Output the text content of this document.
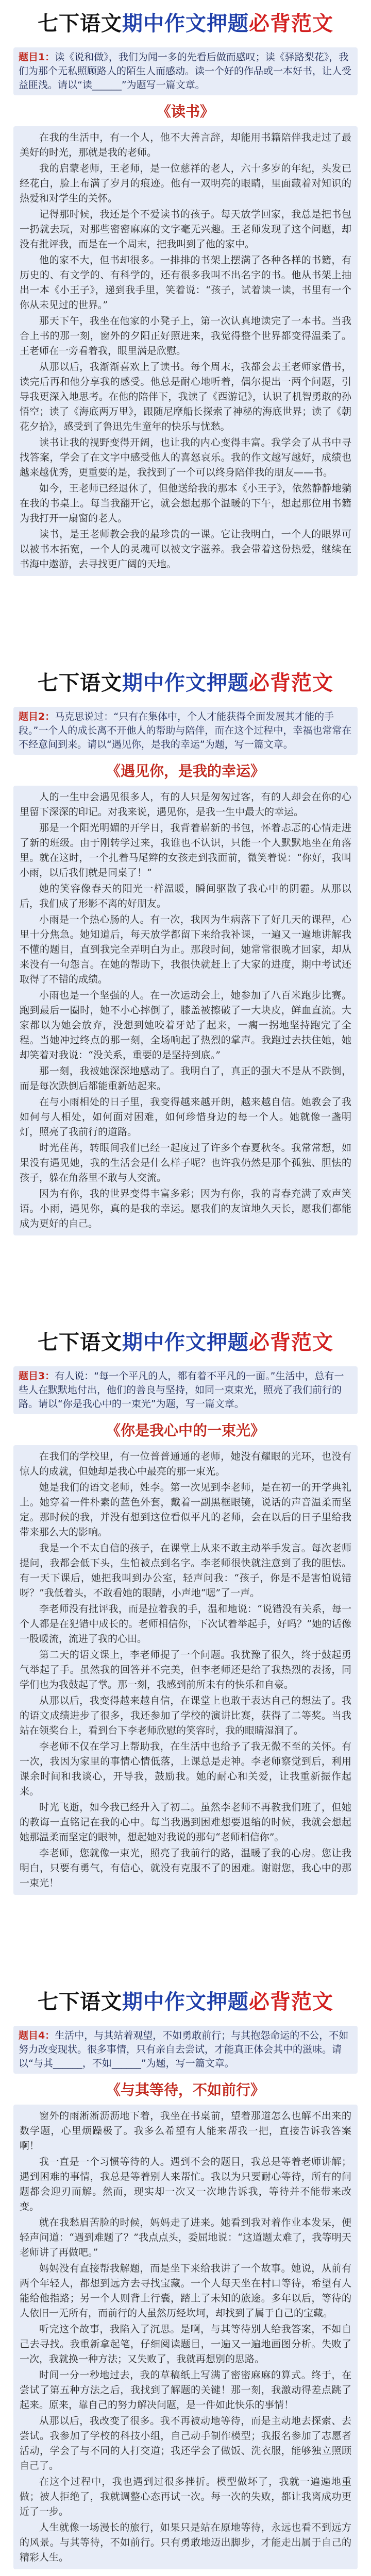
七下语文期中作文押题必背范文
题目1：读《说和做》，我们为闻一多的先看后做而感叹；读《驿路梨花》，我们为那个无私照顾路人的陌生人而感动。读一个好的作品或一本好书，让人受益匪浅。请以“读______”为题写一篇文章。
《读书》

在我的生活中，有一个人，他不大善言辞，却能用书籍陪伴我走过了最美好的时光，那就是我的老师。

我的启蒙老师，王老师，是一位慈祥的老人，六十多岁的年纪，头发已经花白，脸上布满了岁月的痕迹。他有一双明亮的眼睛，里面藏着对知识的热爱和对学生的关怀。

记得那时候，我还是个不爱读书的孩子。每天放学回家，我总是把书包一扔就去玩，对那些密密麻麻的文字毫无兴趣。王老师发现了这个问题，却没有批评我，而是在一个周末，把我叫到了他的家中。

他的家不大，但书却很多。一排排的书架上摆满了各种各样的书籍，有历史的、有文学的、有科学的，还有很多我叫不出名字的书。他从书架上抽出一本《小王子》，递到我手里，笑着说：“孩子，试着读一读，书里有一个你从未见过的世界。”

那天下午，我坐在他家的小凳子上，第一次认真地读完了一本书。当我合上书的那一刻，窗外的夕阳正好照进来，我觉得整个世界都变得温柔了。王老师在一旁看着我，眼里满是欣慰。

从那以后，我渐渐喜欢上了读书。每个周末，我都会去王老师家借书，读完后再和他分享我的感受。他总是耐心地听着，偶尔提出一两个问题，引导我更深入地思考。在他的陪伴下，我读了《西游记》，认识了机智勇敢的孙悟空；读了《海底两万里》，跟随尼摩船长探索了神秘的海底世界；读了《朝花夕拾》，感受到了鲁迅先生童年的快乐与忧愁。

读书让我的视野变得开阔，也让我的内心变得丰富。我学会了从书中寻找答案，学会了在文字中感受他人的喜怒哀乐。我的作文越写越好，成绩也越来越优秀，更重要的是，我找到了一个可以终身陪伴我的朋友——书。

如今，王老师已经退休了，但他送给我的那本《小王子》，依然静静地躺在我的书桌上。每当我翻开它，就会想起那个温暖的下午，想起那位用书籍为我打开一扇窗的老人。

读书，是王老师教会我的最珍贵的一课。它让我明白，一个人的眼界可以被书本拓宽，一个人的灵魂可以被文字滋养。我会带着这份热爱，继续在书海中遨游，去寻找更广阔的天地。

七下语文期中作文押题必背范文
题目2：马克思说过：“只有在集体中，个人才能获得全面发展其才能的手段。”一个人的成长离不开他人的帮助与陪伴，而在这个过程中，幸福也常常在不经意间到来。请以“遇见你，是我的幸运”为题，写一篇文章。
《遇见你，是我的幸运》

人的一生中会遇见很多人，有的人只是匆匆过客，有的人却会在你的心里留下深深的印记。对我来说，遇见你，是我一生中最大的幸运。

那是一个阳光明媚的开学日，我背着崭新的书包，怀着忐忑的心情走进了新的班级。由于刚转学过来，我谁也不认识，只能一个人默默地坐在角落里。就在这时，一个扎着马尾辫的女孩走到我面前，微笑着说：“你好，我叫小雨，以后我们就是同桌了！”

她的笑容像春天的阳光一样温暖，瞬间驱散了我心中的阴霾。从那以后，我们成了形影不离的好朋友。

小雨是一个热心肠的人。有一次，我因为生病落下了好几天的课程，心里十分焦急。她知道后，每天放学都留下来给我补课，一遍又一遍地讲解我不懂的题目，直到我完全弄明白为止。那段时间，她常常很晚才回家，却从来没有一句怨言。在她的帮助下，我很快就赶上了大家的进度，期中考试还取得了不错的成绩。

小雨也是一个坚强的人。在一次运动会上，她参加了八百米跑步比赛。跑到最后一圈时，她不小心摔倒了，膝盖被擦破了一大块皮，鲜血直流。大家都以为她会放弃，没想到她咬着牙站了起来，一瘸一拐地坚持跑完了全程。当她冲过终点的那一刻，全场响起了热烈的掌声。我跑过去扶住她，她却笑着对我说：“没关系，重要的是坚持到底。”

那一刻，我被她深深地感动了。我明白了，真正的强大不是从不跌倒，而是每次跌倒后都能重新站起来。

在与小雨相处的日子里，我变得越来越开朗，越来越自信。她教会了我如何与人相处，如何面对困难，如何珍惜身边的每一个人。她就像一盏明灯，照亮了我前行的道路。

时光荏苒，转眼间我们已经一起度过了许多个春夏秋冬。我常常想，如果没有遇见她，我的生活会是什么样子呢？也许我仍然是那个孤独、胆怯的孩子，躲在角落里不敢与人交流。

因为有你，我的世界变得丰富多彩；因为有你，我的青春充满了欢声笑语。小雨，遇见你，真的是我的幸运。愿我们的友谊地久天长，愿我们都能成为更好的自己。

七下语文期中作文押题必背范文
题目3：有人说：“每一个平凡的人，都有着不平凡的一面。”生活中，总有一些人在默默地付出，他们的善良与坚持，如同一束束光，照亮了我们前行的路。请以“你是我心中的一束光”为题，写一篇文章。
《你是我心中的一束光》

在我们的学校里，有一位普普通通的老师，她没有耀眼的光环，也没有惊人的成就，但她却是我心中最亮的那一束光。

她是我们的语文老师，姓李。第一次见到李老师，是在初一的开学典礼上。她穿着一件朴素的蓝色外套，戴着一副黑框眼镜，说话的声音温柔而坚定。那时候的我，并没有想到这位看似平凡的老师，会在以后的日子里给我带来那么大的影响。

我是一个不太自信的孩子，在课堂上从来不敢主动举手发言。每次老师提问，我都会低下头，生怕被点到名字。李老师很快就注意到了我的胆怯。有一天下课后，她把我叫到办公室，轻声问我：“孩子，你是不是害怕说错呀？”我低着头，不敢看她的眼睛，小声地“嗯”了一声。

李老师没有批评我，而是拉着我的手，温和地说：“说错没有关系，每一个人都是在犯错中成长的。老师相信你，下次试着举起手，好吗？”她的话像一股暖流，流进了我的心田。

第二天的语文课上，李老师提了一个问题。我犹豫了很久，终于鼓起勇气举起了手。虽然我的回答并不完美，但李老师还是给了我热烈的表扬，同学们也为我鼓起了掌。那一刻，我感到前所未有的快乐和自豪。

从那以后，我变得越来越自信，在课堂上也敢于表达自己的想法了。我的语文成绩进步了很多，我还参加了学校的演讲比赛，获得了二等奖。当我站在领奖台上，看到台下李老师欣慰的笑容时，我的眼睛湿润了。

李老师不仅在学习上帮助我，在生活中也给予了我无微不至的关怀。有一次，我因为家里的事情心情低落，上课总是走神。李老师察觉到后，利用课余时间和我谈心，开导我，鼓励我。她的耐心和关爱，让我重新振作起来。

时光飞逝，如今我已经升入了初二。虽然李老师不再教我们班了，但她的教诲一直铭记在我的心中。每当我遇到困难想要退缩的时候，我就会想起她那温柔而坚定的眼神，想起她对我说的那句“老师相信你”。

李老师，您就像一束光，照亮了我前行的路，温暖了我的心房。您让我明白，只要有勇气，有信心，就没有克服不了的困难。谢谢您，我心中的那一束光！

七下语文期中作文押题必背范文
题目4：生活中，与其站着观望，不如勇敢前行；与其抱怨命运的不公，不如努力改变现状。很多事情，只有亲自去尝试，才能真正体会其中的滋味。请以“与其______，不如______”为题，写一篇文章。
《与其等待，不如前行》

窗外的雨淅淅沥沥地下着，我坐在书桌前，望着那道怎么也解不出来的数学题，心里烦躁极了。我多么希望有人能来帮我一把，直接告诉我答案啊！

我一直是一个习惯等待的人。遇到不会的题目，我总是等着老师讲解；遇到困难的事情，我总是等着别人来帮忙。我以为只要耐心等待，所有的问题都会迎刃而解。然而，现实却一次又一次地告诉我，等待并不能带来改变。

就在我愁眉苦脸的时候，妈妈走了进来。她看到我对着作业本发呆，便轻声问道：“遇到难题了？”我点点头，委屈地说：“这道题太难了，我等明天老师讲了再做吧。”

妈妈没有直接帮我解题，而是坐下来给我讲了一个故事。她说，从前有两个年轻人，都想到远方去寻找宝藏。一个人每天坐在村口等待，希望有人能给他指路；另一个人则背上行囊，踏上了未知的旅途。多年以后，等待的人依旧一无所有，而前行的人虽然历经坎坷，却找到了属于自己的宝藏。

听完这个故事，我陷入了沉思。是啊，与其等待别人给我答案，不如自己去寻找。我重新拿起笔，仔细阅读题目，一遍又一遍地画图分析。失败了一次，我就换一种方法；又失败了，我就再想别的思路。

时间一分一秒地过去，我的草稿纸上写满了密密麻麻的算式。终于，在尝试了第五种方法之后，我找到了解题的关键！那一刻，我激动得差点跳了起来。原来，靠自己的努力解决问题，是一件如此快乐的事情！

从那以后，我改变了很多。我不再被动地等待，而是主动地去探索、去尝试。我参加了学校的科技小组，自己动手制作模型；我报名参加了志愿者活动，学会了与不同的人打交道；我还学会了做饭、洗衣服，能够独立照顾自己了。

在这个过程中，我也遇到过很多挫折。模型做坏了，我就一遍遍地重做；被人拒绝了，我就调整心态再试一次。每一次的失败，都让我离成功更近了一步。

人生就像一场漫长的旅行，如果只是站在原地等待，永远也看不到远方的风景。与其等待，不如前行。只有勇敢地迈出脚步，才能走出属于自己的精彩人生。
